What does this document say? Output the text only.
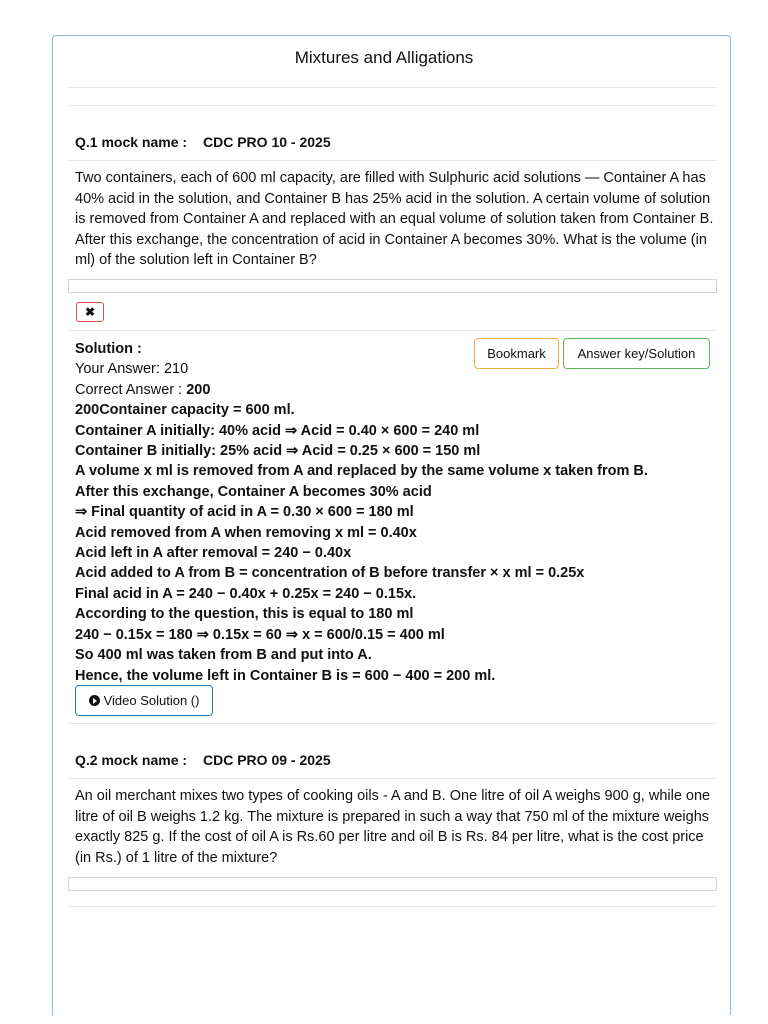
Mixtures and Alligations
Q.1 mock name : CDC PRO 10 - 2025
Two containers, each of 600 ml capacity, are filled with Sulphuric acid solutions — Container A has 40% acid in the solution, and Container B has 25% acid in the solution. A certain volume of solution is removed from Container A and replaced with an equal volume of solution taken from Container B. After this exchange, the concentration of acid in Container A becomes 30%. What is the volume (in ml) of the solution left in Container B?
✖
Bookmark	Answer key/Solution
Solution :
Your Answer: 210
Correct Answer : 200
200Container capacity = 600 ml.
Container A initially: 40% acid ⇒ Acid = 0.40 × 600 = 240 ml
Container B initially: 25% acid ⇒ Acid = 0.25 × 600 = 150 ml
A volume x ml is removed from A and replaced by the same volume x taken from B.
After this exchange, Container A becomes 30% acid
⇒ Final quantity of acid in A = 0.30 × 600 = 180 ml
Acid removed from A when removing x ml = 0.40x
Acid left in A after removal = 240 − 0.40x
Acid added to A from B = concentration of B before transfer × x ml = 0.25x
Final acid in A = 240 − 0.40x + 0.25x = 240 − 0.15x.
According to the question, this is equal to 180 ml
240 − 0.15x = 180 ⇒ 0.15x = 60 ⇒ x = 600/0.15 = 400 ml
So 400 ml was taken from B and put into A.
Hence, the volume left in Container B is = 600 − 400 = 200 ml.
Video Solution ()
Q.2 mock name : CDC PRO 09 - 2025
An oil merchant mixes two types of cooking oils - A and B. One litre of oil A weighs 900 g, while one litre of oil B weighs 1.2 kg. The mixture is prepared in such a way that 750 ml of the mixture weighs exactly 825 g. If the cost of oil A is Rs.60 per litre and oil B is Rs. 84 per litre, what is the cost price (in Rs.) of 1 litre of the mixture?
